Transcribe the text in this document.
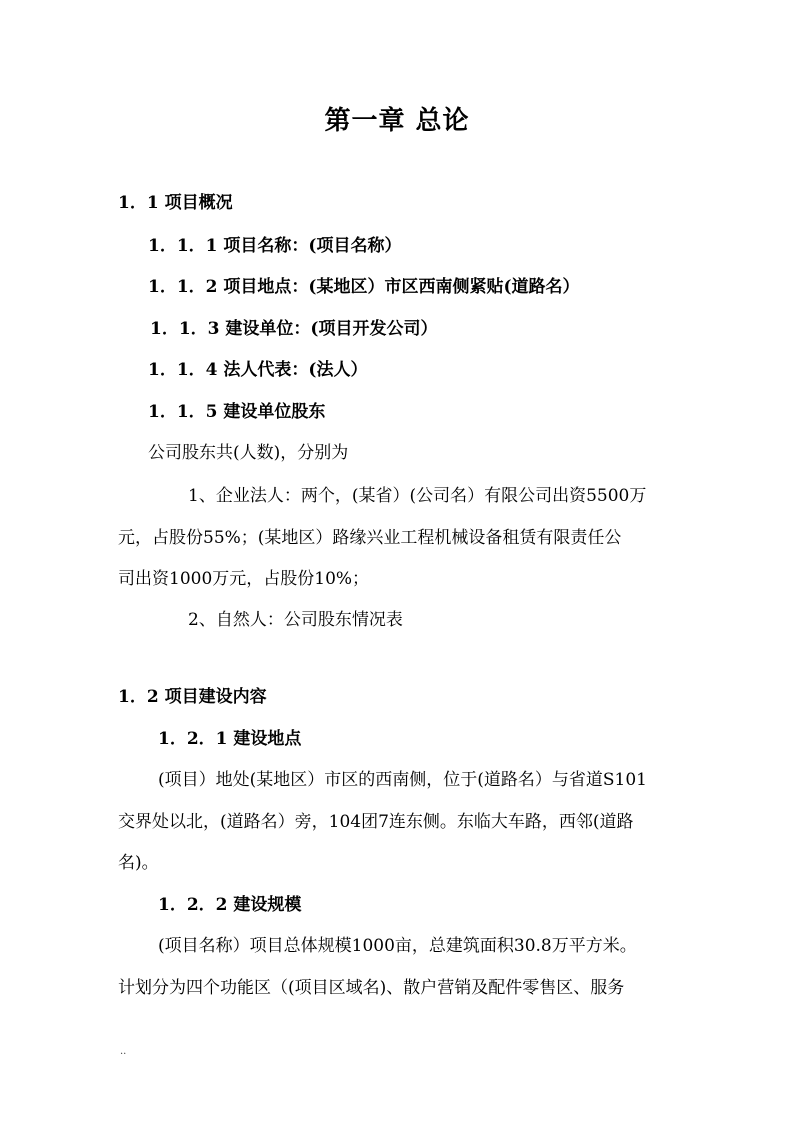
第一章 总论
1．1 项目概况
1．1．1 项目名称：(项目名称）
1．1．2 项目地点：(某地区）市区西南侧紧贴(道路名）
1．1．3 建设单位：(项目开发公司）
1．1．4 法人代表：(法人）
1．1．5 建设单位股东
公司股东共(人数)，分别为
1、企业法人：两个，(某省）(公司名）有限公司出资5500万
元，占股份55%；(某地区）路缘兴业工程机械设备租赁有限责任公
司出资1000万元，占股份10%；
2、自然人：公司股东情况表
1．2 项目建设内容
1．2．1 建设地点
(项目）地处(某地区）市区的西南侧，位于(道路名）与省道S101
交界处以北，(道路名）旁，104团7连东侧。东临大车路，西邻(道路
名)。
1．2．2 建设规模
(项目名称）项目总体规模1000亩，总建筑面积30.8万平方米。
计划分为四个功能区（(项目区域名)、散户营销及配件零售区、服务
..
